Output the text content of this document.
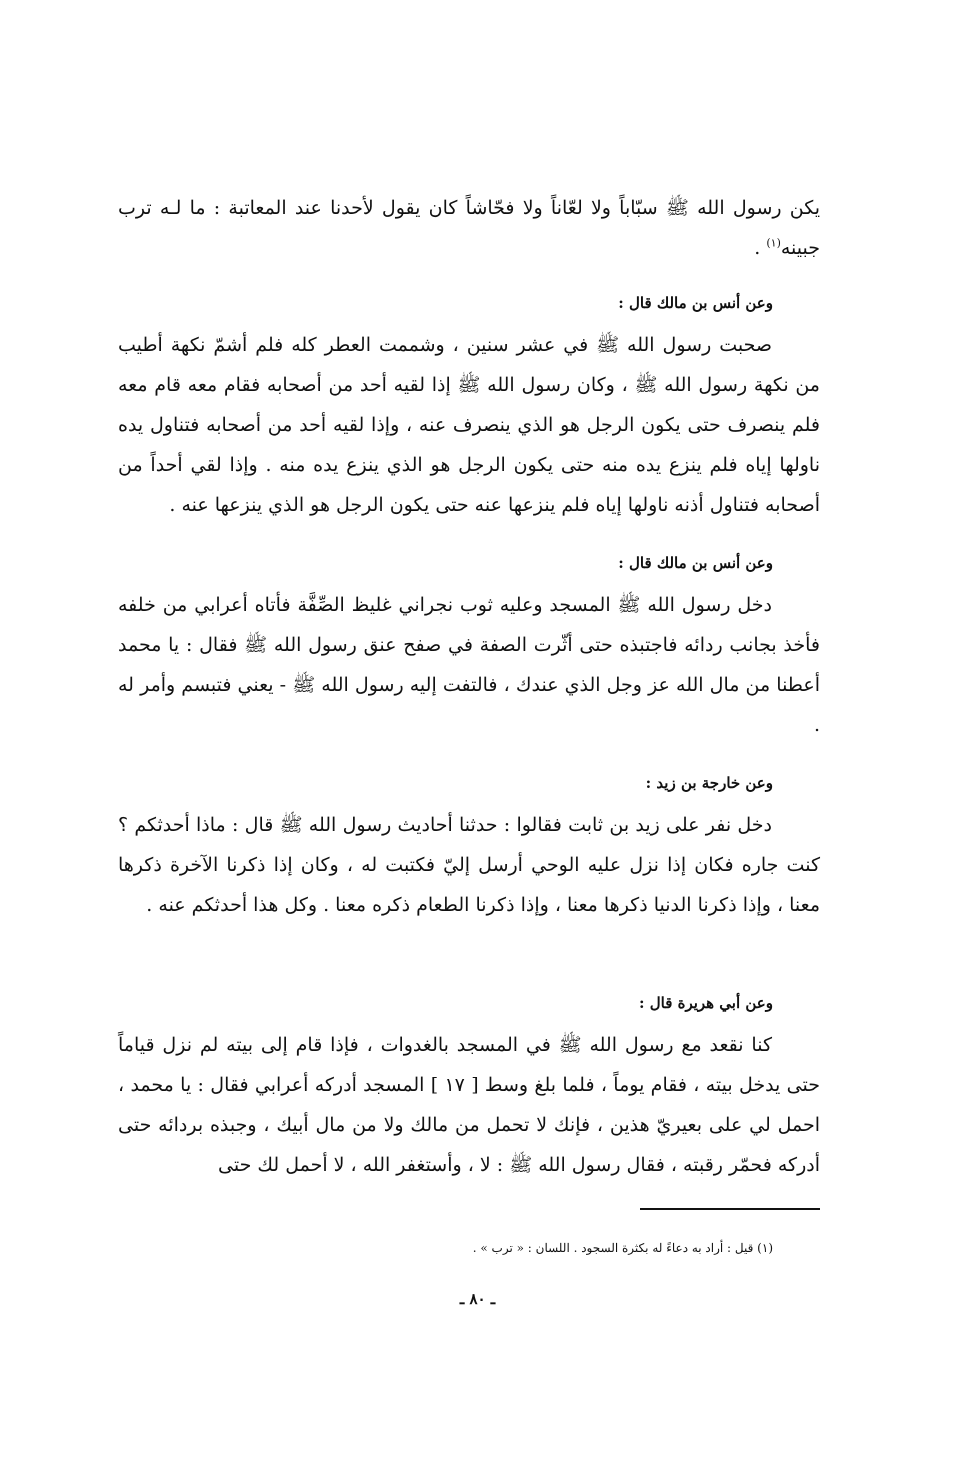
يكن رسول الله ﷺ سبّاباً ولا لعّاناً ولا فحّاشاً كان يقول لأحدنا عند المعاتبة : ما لـه ترب جبينه$^{(١)}$ .

وعن أنس بن مالك قال :

صحبت رسول الله ﷺ في عشر سنين ، وشممت العطر كله فلم أشمّ نكهة أطيب من نكهة رسول الله ﷺ ، وكان رسول الله ﷺ إذا لقيه أحد من أصحابه فقام معه قام معه فلم ينصرف حتى يكون الرجل هو الذي ينصرف عنه ، وإذا لقيه أحد من أصحابه فتناول يده ناولها إياه فلم ينزع يده منه حتى يكون الرجل هو الذي ينزع يده منه . وإذا لقي أحداً من أصحابه فتناول أذنه ناولها إياه فلم ينزعها عنه حتى يكون الرجل هو الذي ينزعها عنه .

وعن أنس بن مالك قال :

دخل رسول الله ﷺ المسجد وعليه ثوب نجراني غليظ الصِّفَّة فأتاه أعرابي من خلفه فأخذ بجانب ردائه فاجتبذه حتى أثّرت الصفة في صفح عنق رسول الله ﷺ فقال : يا محمد أعطنا من مال الله عز وجل الذي عندك ، فالتفت إليه رسول الله ﷺ - يعني فتبسم وأمر له .

وعن خارجة بن زيد :

دخل نفر على زيد بن ثابت فقالوا : حدثنا أحاديث رسول الله ﷺ قال : ماذا أحدثكم ؟ كنت جاره فكان إذا نزل عليه الوحي أرسل إليّ فكتبت له ، وكان إذا ذكرنا الآخرة ذكرها معنا ، وإذا ذكرنا الدنيا ذكرها معنا ، وإذا ذكرنا الطعام ذكره معنا . وكل هذا أحدثكم عنه .

وعن أبي هريرة قال :

كنا نقعد مع رسول الله ﷺ في المسجد بالغدوات ، فإذا قام إلى بيته لم نزل قياماً حتى يدخل بيته ، فقام يوماً ، فلما بلغ وسط [ ١٧ ] المسجد أدركه أعرابي فقال : يا محمد ، احمل لي على بعيريّ هذين ، فإنك لا تحمل من مالك ولا من مال أبيك ، وجبذه بردائه حتى أدركه فحمّر رقبته ، فقال رسول الله ﷺ : لا ، وأستغفر الله ، لا أحمل لك حتى

(١) قيل : أراد به دعاءً له بكثرة السجود . اللسان : « ترب » .
ـ ٨٠ ـ
